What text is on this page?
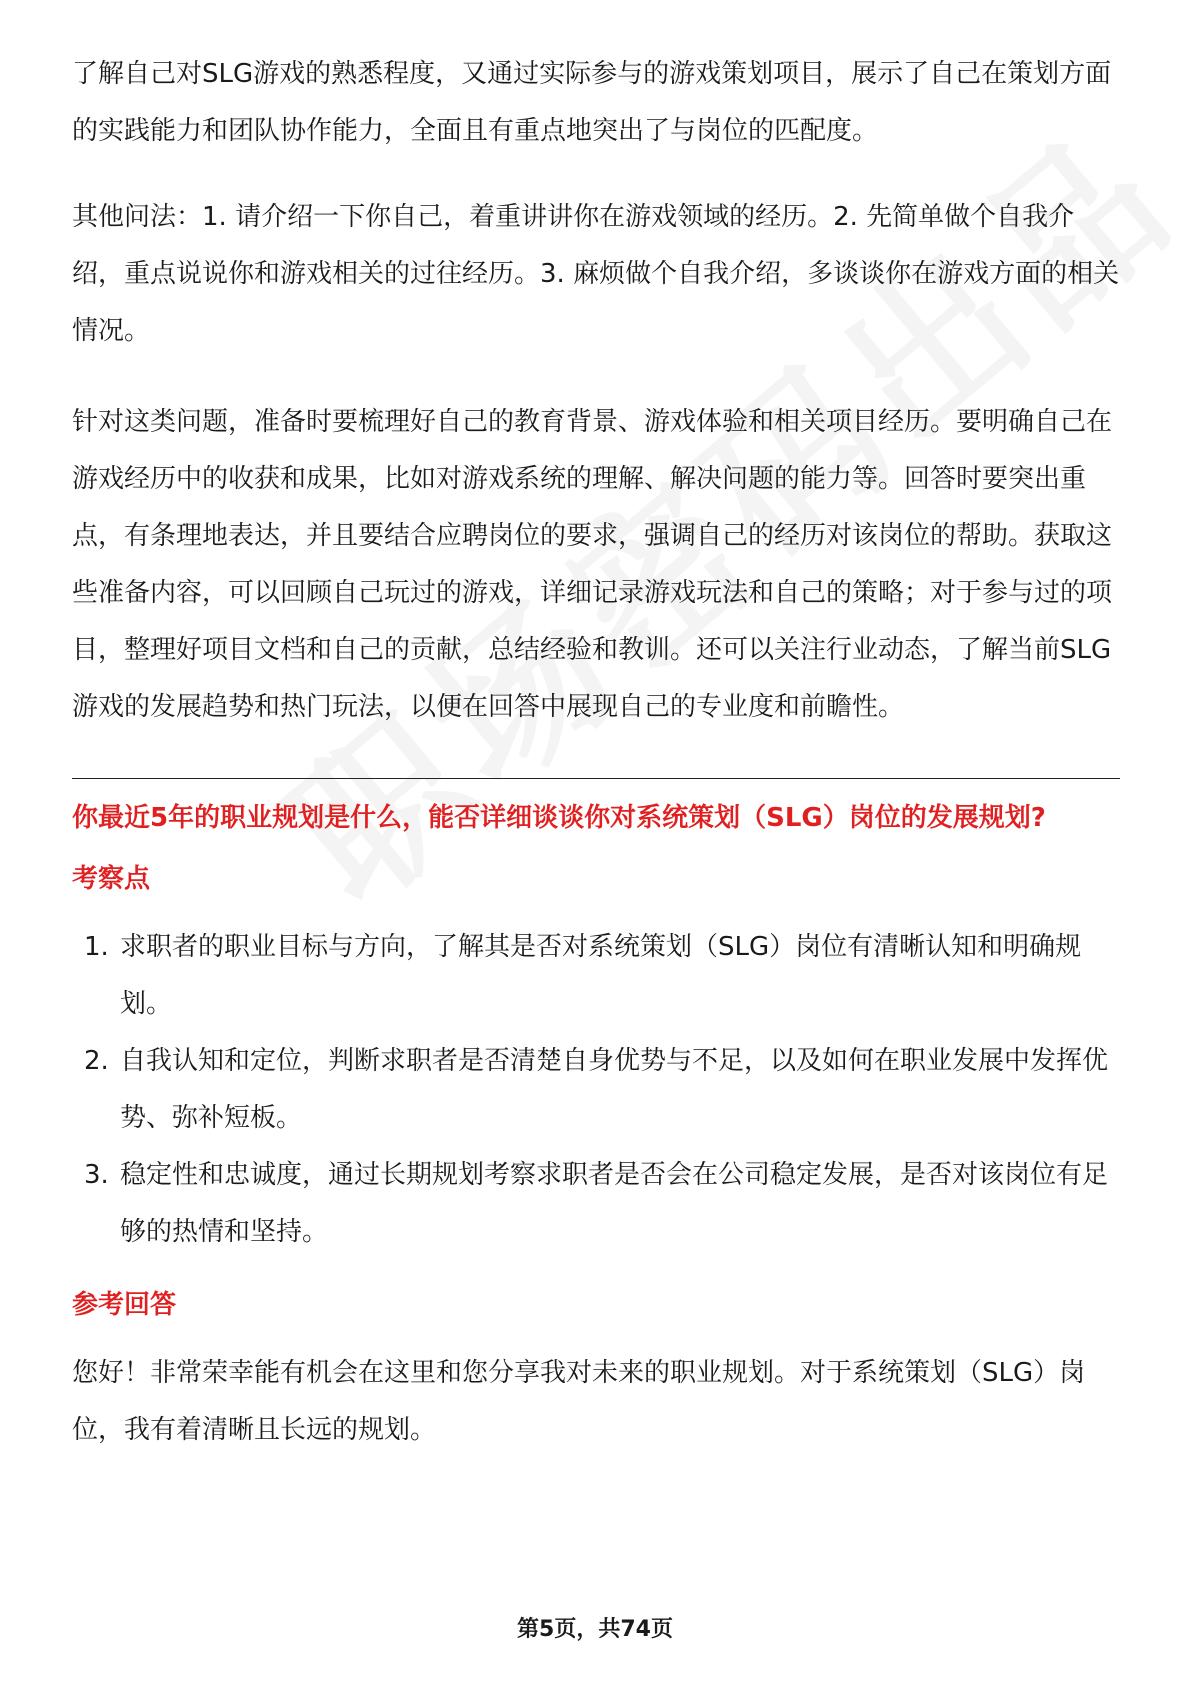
了解自己对SLG游戏的熟悉程度，又通过实际参与的游戏策划项目，展示了自己在策划方面的实践能力和团队协作能力，全面且有重点地突出了与岗位的匹配度。

其他问法：1. 请介绍一下你自己，着重讲讲你在游戏领域的经历。2. 先简单做个自我介绍，重点说说你和游戏相关的过往经历。3. 麻烦做个自我介绍，多谈谈你在游戏方面的相关情况。

针对这类问题，准备时要梳理好自己的教育背景、游戏体验和相关项目经历。要明确自己在游戏经历中的收获和成果，比如对游戏系统的理解、解决问题的能力等。回答时要突出重点，有条理地表达，并且要结合应聘岗位的要求，强调自己的经历对该岗位的帮助。获取这些准备内容，可以回顾自己玩过的游戏，详细记录游戏玩法和自己的策略；对于参与过的项目，整理好项目文档和自己的贡献，总结经验和教训。还可以关注行业动态，了解当前SLG游戏的发展趋势和热门玩法，以便在回答中展现自己的专业度和前瞻性。

你最近5年的职业规划是什么，能否详细谈谈你对系统策划（SLG）岗位的发展规划?
考察点
1. 求职者的职业目标与方向，了解其是否对系统策划（SLG）岗位有清晰认知和明确规划。
2. 自我认知和定位，判断求职者是否清楚自身优势与不足，以及如何在职业发展中发挥优势、弥补短板。
3. 稳定性和忠诚度，通过长期规划考察求职者是否会在公司稳定发展，是否对该岗位有足够的热情和坚持。
参考回答

您好！非常荣幸能有机会在这里和您分享我对未来的职业规划。对于系统策划（SLG）岗位，我有着清晰且长远的规划。

第5页，共74页
